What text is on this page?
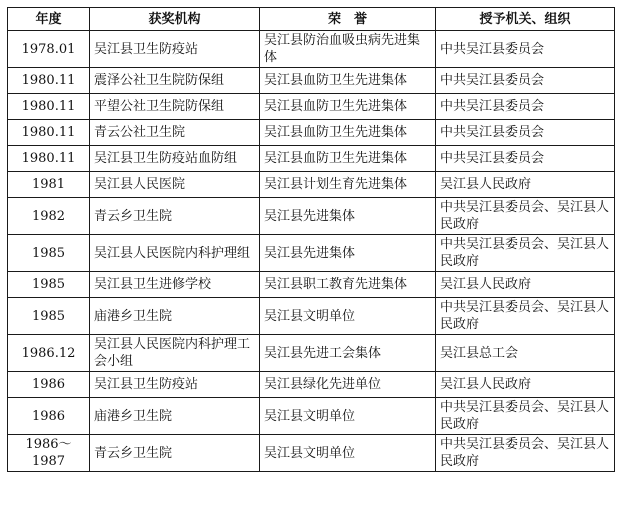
年度	获奖机构	荣　誉	授予机关、组织
1978.01	吴江县卫生防疫站	吴江县防治血吸虫病先进集体	中共吴江县委员会
1980.11	震泽公社卫生院防保组	吴江县血防卫生先进集体	中共吴江县委员会
1980.11	平望公社卫生院防保组	吴江县血防卫生先进集体	中共吴江县委员会
1980.11	青云公社卫生院	吴江县血防卫生先进集体	中共吴江县委员会
1980.11	吴江县卫生防疫站血防组	吴江县血防卫生先进集体	中共吴江县委员会
1981	吴江县人民医院	吴江县计划生育先进集体	吴江县人民政府
1982	青云乡卫生院	吴江县先进集体	中共吴江县委员会、吴江县人民政府
1985	吴江县人民医院内科护理组	吴江县先进集体	中共吴江县委员会、吴江县人民政府
1985	吴江县卫生进修学校	吴江县职工教育先进集体	吴江县人民政府
1985	庙港乡卫生院	吴江县文明单位	中共吴江县委员会、吴江县人民政府
1986.12	吴江县人民医院内科护理工会小组	吴江县先进工会集体	吴江县总工会
1986	吴江县卫生防疫站	吴江县绿化先进单位	吴江县人民政府
1986	庙港乡卫生院	吴江县文明单位	中共吴江县委员会、吴江县人民政府
1986～1987	青云乡卫生院	吴江县文明单位	中共吴江县委员会、吴江县人民政府
